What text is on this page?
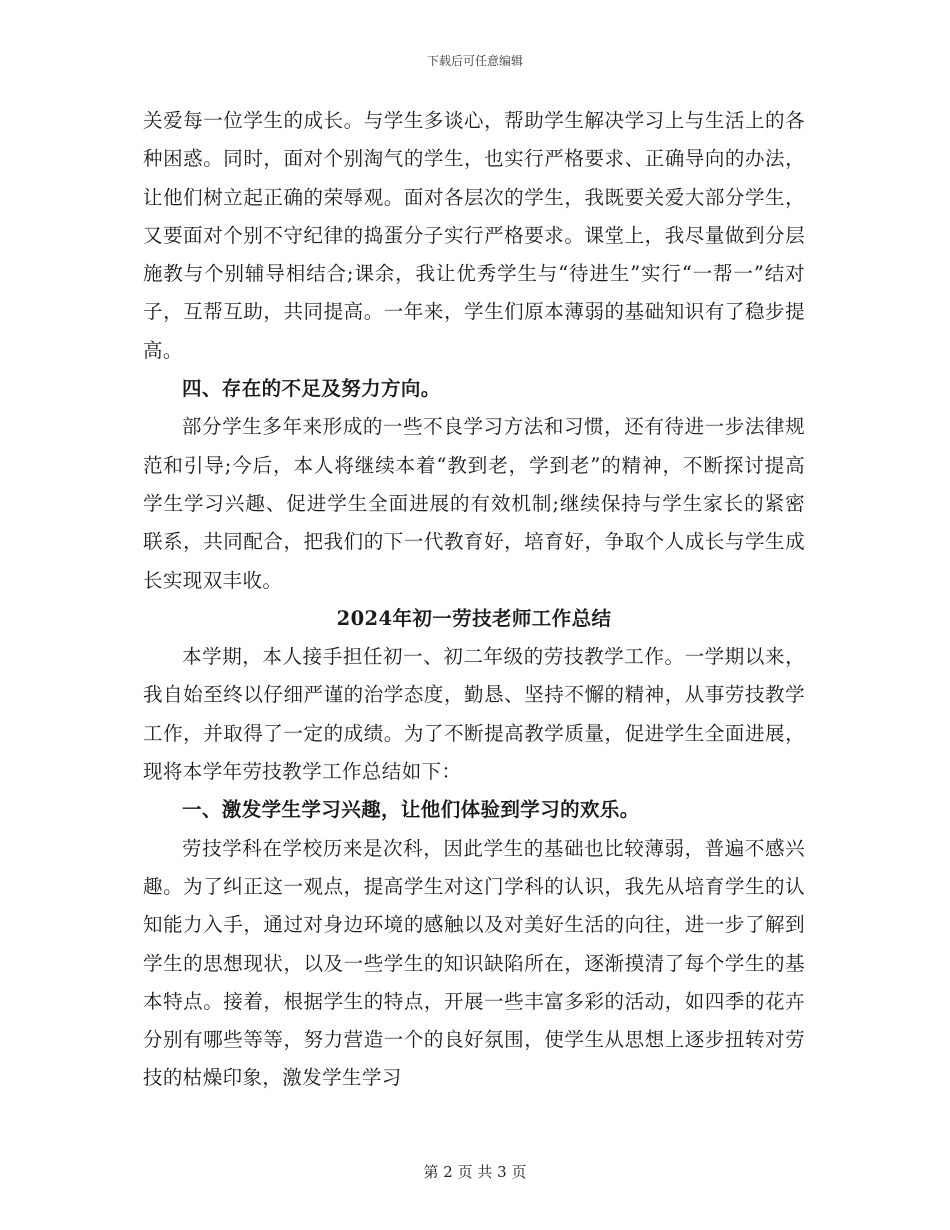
下载后可任意编辑

关爱每一位学生的成长。与学生多谈心，帮助学生解决学习上与生活上的各种困惑。同时，面对个别淘气的学生，也实行严格要求、正确导向的办法，让他们树立起正确的荣辱观。面对各层次的学生，我既要关爱大部分学生，又要面对个别不守纪律的捣蛋分子实行严格要求。课堂上，我尽量做到分层施教与个别辅导相结合;课余，我让优秀学生与“待进生”实行“一帮一”结对子，互帮互助，共同提高。一年来，学生们原本薄弱的基础知识有了稳步提高。

四、存在的不足及努力方向。

部分学生多年来形成的一些不良学习方法和习惯，还有待进一步法律规范和引导;今后，本人将继续本着“教到老，学到老”的精神，不断探讨提高学生学习兴趣、促进学生全面进展的有效机制;继续保持与学生家长的紧密联系，共同配合，把我们的下一代教育好，培育好，争取个人成长与学生成长实现双丰收。

2024年初一劳技老师工作总结

本学期，本人接手担任初一、初二年级的劳技教学工作。一学期以来，我自始至终以仔细严谨的治学态度，勤恳、坚持不懈的精神，从事劳技教学工作，并取得了一定的成绩。为了不断提高教学质量，促进学生全面进展，现将本学年劳技教学工作总结如下：

一、激发学生学习兴趣，让他们体验到学习的欢乐。

劳技学科在学校历来是次科，因此学生的基础也比较薄弱，普遍不感兴趣。为了纠正这一观点，提高学生对这门学科的认识，我先从培育学生的认知能力入手，通过对身边环境的感触以及对美好生活的向往，进一步了解到学生的思想现状，以及一些学生的知识缺陷所在，逐渐摸清了每个学生的基本特点。接着，根据学生的特点，开展一些丰富多彩的活动，如四季的花卉分别有哪些等等，努力营造一个的良好氛围，使学生从思想上逐步扭转对劳技的枯燥印象，激发学生学习

第 2 页 共 3 页
